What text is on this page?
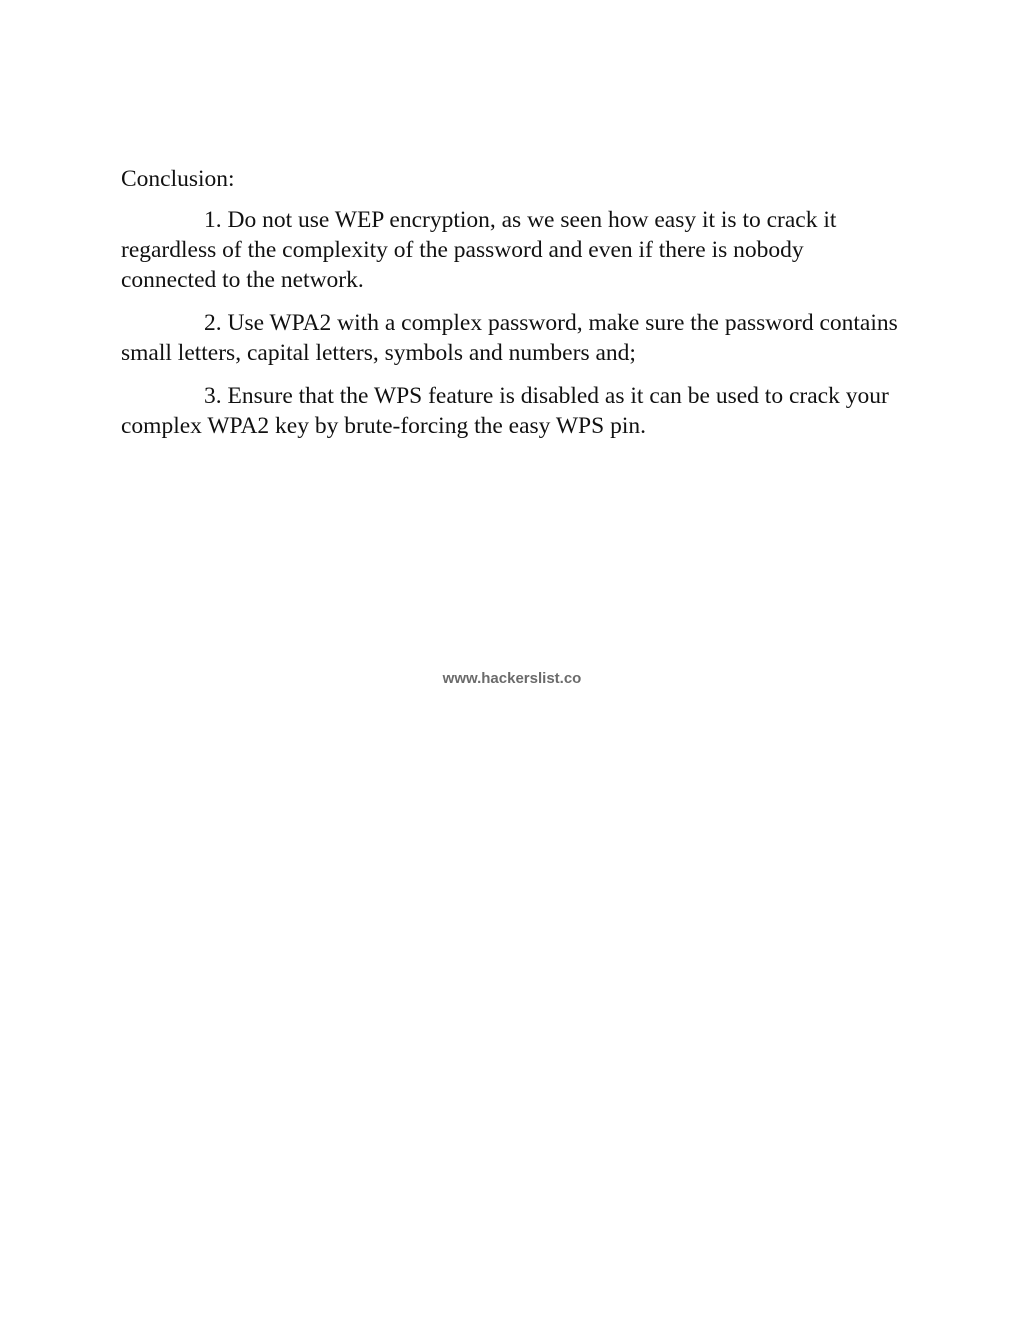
Conclusion:

1. Do not use WEP encryption, as we seen how easy it is to crack it regardless of the complexity of the password and even if there is nobody connected to the network.

2. Use WPA2 with a complex password, make sure the password contains small letters, capital letters, symbols and numbers and;

3. Ensure that the WPS feature is disabled as it can be used to crack your complex WPA2 key by brute-forcing the easy WPS pin.

www.hackerslist.co
